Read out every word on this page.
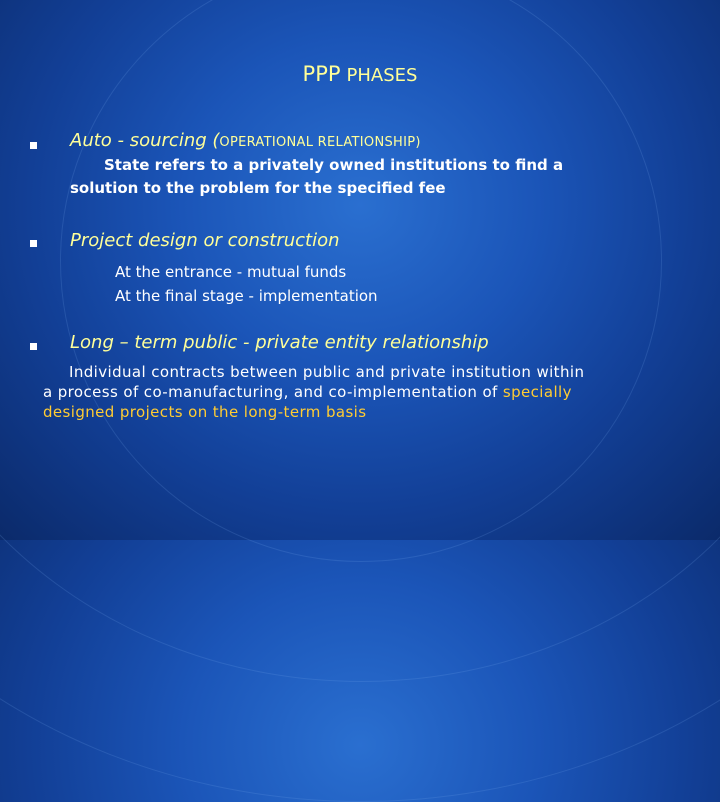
PPP PHASES
Auto - sourcing (OPERATIONAL RELATIONSHIP)
State refers to a privately owned institutions to find a
solution to the problem for the specified fee
Project design or construction
At the entrance - mutual funds
At the final stage - implementation
Long – term public - private entity relationship
Individual contracts between public and private institution within
a process of co-manufacturing, and co-implementation of specially
designed projects on the long-term basis
